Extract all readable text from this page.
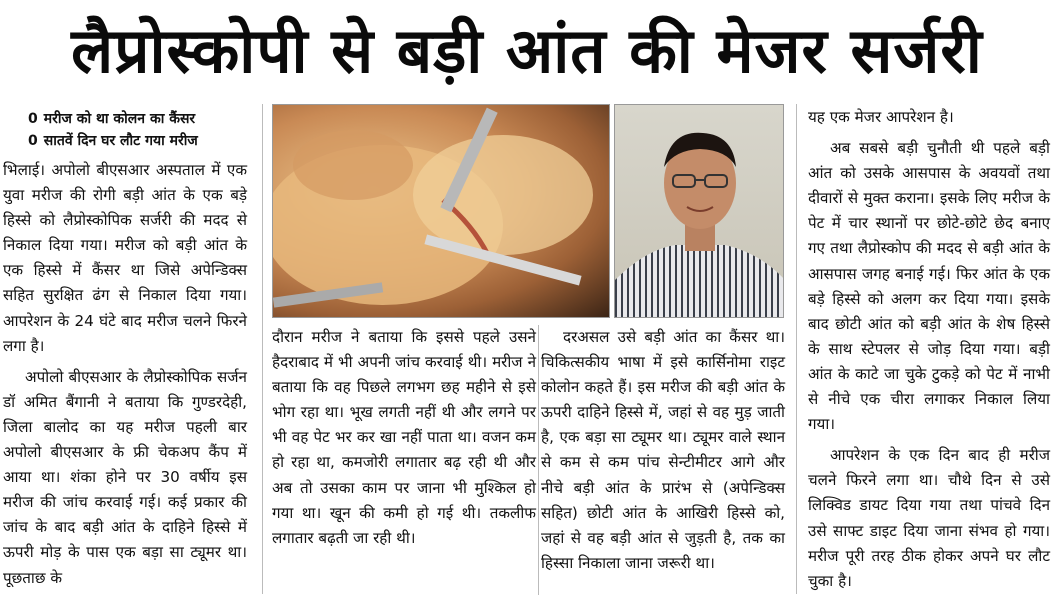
लैप्रोस्कोपी से बड़ी आंत की मेजर सर्जरी
0 मरीज को था कोलन का कैंसर
0 सातवें दिन घर लौट गया मरीज

भिलाई। अपोलो बीएसआर अस्पताल में एक युवा मरीज की रोगी बड़ी आंत के एक बड़े हिस्से को लैप्रोस्कोपिक सर्जरी की मदद से निकाल दिया गया। मरीज को बड़ी आंत के एक हिस्से में कैंसर था जिसे अपेन्डिक्स सहित सुरक्षित ढंग से निकाल दिया गया। आपरेशन के 24 घंटे बाद मरीज चलने फिरने लगा है।

अपोलो बीएसआर के लैप्रोस्कोपिक सर्जन डॉ अमित बैंगानी ने बताया कि गुण्डरदेही, जिला बालोद का यह मरीज पहली बार अपोलो बीएसआर के फ्री चेकअप कैंप में आया था। शंका होने पर 30 वर्षीय इस मरीज की जांच करवाई गई। कई प्रकार की जांच के बाद बड़ी आंत के दाहिने हिस्से में ऊपरी मोड़ के पास एक बड़ा सा ट्यूमर था। पूछताछ के

दौरान मरीज ने बताया कि इससे पहले उसने हैदराबाद में भी अपनी जांच करवाई थी। मरीज ने बताया कि वह पिछले लगभग छह महीने से इसे भोग रहा था। भूख लगती नहीं थी और लगने पर भी वह पेट भर कर खा नहीं पाता था। वजन कम हो रहा था, कमजोरी लगातार बढ़ रही थी और अब तो उसका काम पर जाना भी मुश्किल हो गया था। खून की कमी हो गई थी। तकलीफ लगातार बढ़ती जा रही थी।

दरअसल उसे बड़ी आंत का कैंसर था। चिकित्सकीय भाषा में इसे कार्सिनोमा राइट कोलोन कहते हैं। इस मरीज की बड़ी आंत के ऊपरी दाहिने हिस्से में, जहां से वह मुड़ जाती है, एक बड़ा सा ट्यूमर था। ट्यूमर वाले स्थान से कम से कम पांच सेन्टीमीटर आगे और नीचे बड़ी आंत के प्रारंभ से (अपेन्डिक्स सहित) छोटी आंत के आखिरी हिस्से को, जहां से वह बड़ी आंत से जुड़ती है, तक का हिस्सा निकाला जाना जरूरी था।

यह एक मेजर आपरेशन है।

अब सबसे बड़ी चुनौती थी पहले बड़ी आंत को उसके आसपास के अवयवों तथा दीवारों से मुक्त कराना। इसके लिए मरीज के पेट में चार स्थानों पर छोटे-छोटे छेद बनाए गए तथा लैप्रोस्कोप की मदद से बड़ी आंत के आसपास जगह बनाई गई। फिर आंत के एक बड़े हिस्से को अलग कर दिया गया। इसके बाद छोटी आंत को बड़ी आंत के शेष हिस्से के साथ स्टेपलर से जोड़ दिया गया। बड़ी आंत के काटे जा चुके टुकड़े को पेट में नाभी से नीचे एक चीरा लगाकर निकाल लिया गया।

आपरेशन के एक दिन बाद ही मरीज चलने फिरने लगा था। चौथे दिन से उसे लिक्विड डायट दिया गया तथा पांचवे दिन उसे साफ्ट डाइट दिया जाना संभव हो गया। मरीज पूरी तरह ठीक होकर अपने घर लौट चुका है।
